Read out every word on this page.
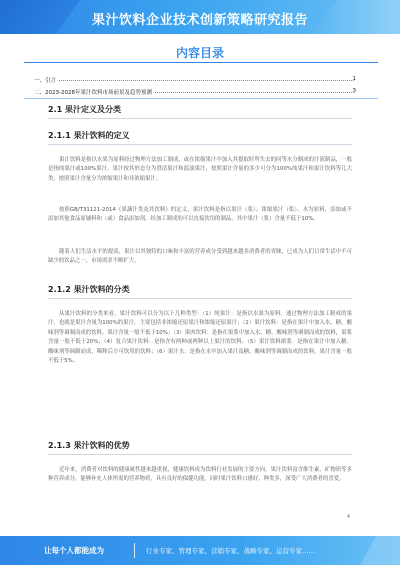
果汁饮料企业技术创新策略研究报告
内容目录
一、引言	1
二、2023-2028年果汁饮料市场前景及趋势预测	3
2.1 果汁定义及分类
2.1.1 果汁饮料的定义
果汁饮料是指以水果为原料经过物理方法加工制成，或在浓缩果汁中加入其提取时所失去的同等水分制成的汁液制品，一般是指纯果汁或100%果汁。果汁按其形态分为澄清果汁和混浊果汁，按照果汁含量的多少可分为100%纯果汁和果汁饮料等几大类，按照果汁含量分为浓缩果汁和非浓缩果汁。
按照GB/T31121-2014《果蔬汁类及其饮料》的定义，果汁饮料是指以果汁（浆）、浓缩果汁（浆）、水为原料，添加或不添加其他食品原辅料和（或）食品添加剂，经加工制成的可以直接饮用的制品，其中果汁（浆）含量不低于10%。
随着人们生活水平的提高，果汁以其独特的口味和丰富的营养成分受到越来越多消费者的青睐，已成为人们日常生活中不可缺少的饮品之一，市场需求不断扩大。
2.1.2 果汁饮料的分类
从果汁饮料的分类来看，果汁饮料可以分为以下几种类型：（1）纯果汁：是指以水果为原料，通过物理方法加工制成的果汁，也就是果汁含量为100%的果汁，主要包括非浓缩还原果汁和浓缩还原果汁；（2）果汁饮料：是指在果汁中加入水、糖、酸味剂等调制而成的饮料，果汁含量一般不低于10%；（3）果肉饮料：是指在果浆中加入水、糖、酸味剂等调制而成的饮料，果浆含量一般不低于20%；（4）复合果汁饮料：是指含有两种或两种以上果汁的饮料；（5）果汁饮料浓浆：是指在果汁中加入糖、酸味剂等调制而成，稀释后方可饮用的饮料；（6）果汁水：是指在水中加入果汁及糖、酸味剂等调制而成的饮料，果汁含量一般不低于5%。
2.1.3 果汁饮料的优势
近年来，消费者对饮料的健康属性越来越重视，健康饮料成为饮料行业发展的主要方向。果汁饮料富含维生素、矿物质等多种营养成分，能够补充人体所需的营养物质，具有良好的保健功能，同时果汁饮料口感好、种类多，深受广大消费者的喜爱。
4
让每个人都能成为	行业专家、管理专家、营销专家、战略专家、运营专家……
